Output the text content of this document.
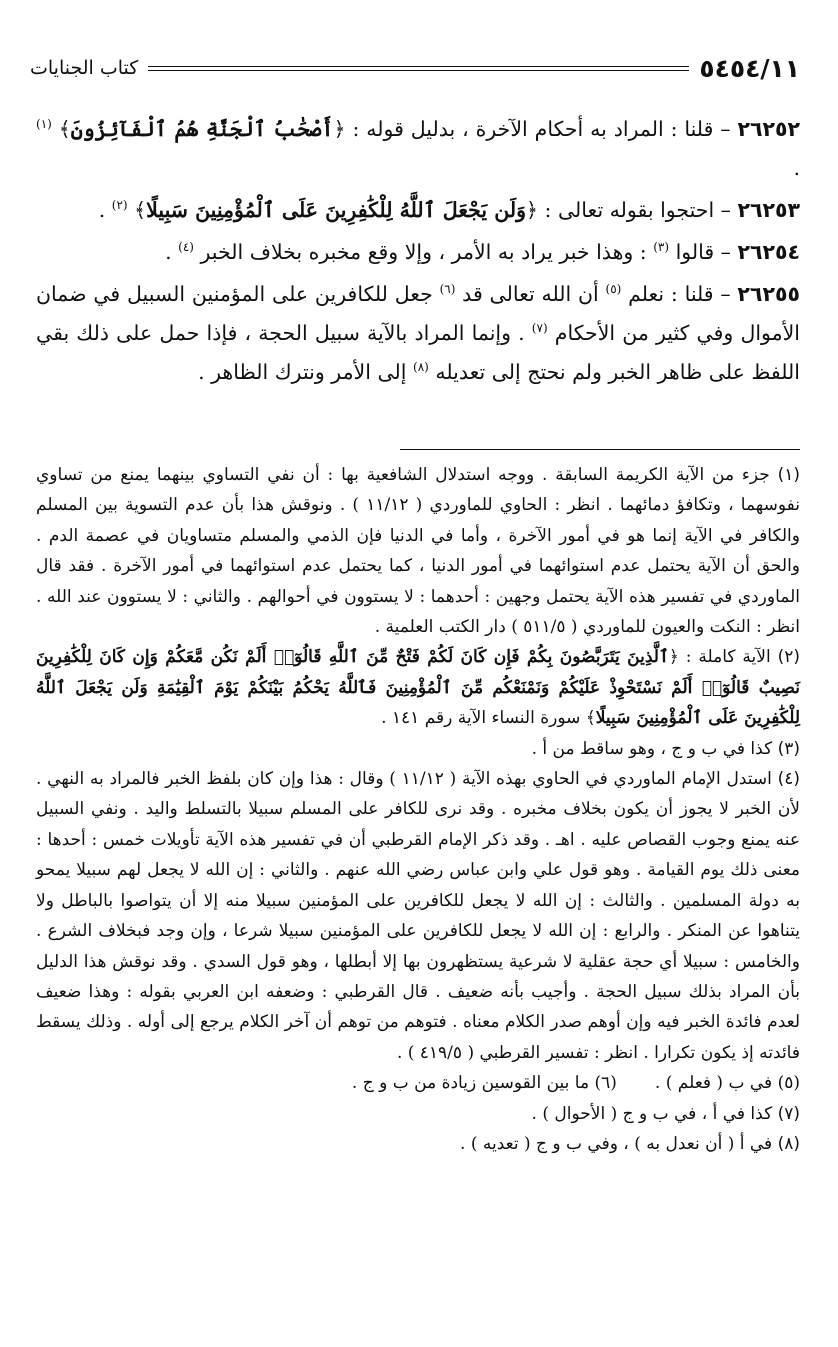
٥٤٥٤/١١
كتاب الجنايات

٢٦٢٥٢ – قلنا : المراد به أحكام الآخرة ، بدليل قوله : ﴿أَصْحَٰبُ ٱلْجَنَّةِ هُمُ ٱلْفَآئِزُونَ﴾ $^{(١)}$ .

٢٦٢٥٣ – احتجوا بقوله تعالى : ﴿وَلَن يَجْعَلَ ٱللَّهُ لِلْكَٰفِرِينَ عَلَى ٱلْمُؤْمِنِينَ سَبِيلًا﴾ $^{(٢)}$ .

٢٦٢٥٤ – قالوا $^{(٣)}$ : وهذا خبر يراد به الأمر ، وإلا وقع مخبره بخلاف الخبر $^{(٤)}$ .

٢٦٢٥٥ – قلنا : نعلم $^{(٥)}$ أن الله تعالى قد $^{(٦)}$ جعل للكافرين على المؤمنين السبيل في ضمان الأموال وفي كثير من الأحكام $^{(٧)}$ . وإنما المراد بالآية سبيل الحجة ، فإذا حمل على ذلك بقي اللفظ على ظاهر الخبر ولم نحتج إلى تعديله $^{(٨)}$ إلى الأمر ونترك الظاهر .

(١) جزء من الآية الكريمة السابقة . ووجه استدلال الشافعية بها : أن نفي التساوي بينهما يمنع من تساوي نفوسهما ، وتكافؤ دمائهما . انظر : الحاوي للماوردي ( ١١/١٢ ) . ونوقش هذا بأن عدم التسوية بين المسلم والكافر في الآية إنما هو في أمور الآخرة ، وأما في الدنيا فإن الذمي والمسلم متساويان في عصمة الدم . والحق أن الآية يحتمل عدم استوائهما في أمور الدنيا ، كما يحتمل عدم استوائهما في أمور الآخرة . فقد قال الماوردي في تفسير هذه الآية يحتمل وجهين : أحدهما : لا يستوون في أحوالهم . والثاني : لا يستوون عند الله . انظر : النكت والعيون للماوردي ( ٥١١/٥ ) دار الكتب العلمية .

(٢) الآية كاملة : ﴿ٱلَّذِينَ يَتَرَبَّصُونَ بِكُمْ فَإِن كَانَ لَكُمْ فَتْحٌ مِّنَ ٱللَّهِ قَالُوٓا۟ أَلَمْ نَكُن مَّعَكُمْ وَإِن كَانَ لِلْكَٰفِرِينَ نَصِيبٌ قَالُوٓا۟ أَلَمْ نَسْتَحْوِذْ عَلَيْكُمْ وَنَمْنَعْكُم مِّنَ ٱلْمُؤْمِنِينَ فَٱللَّهُ يَحْكُمُ بَيْنَكُمْ يَوْمَ ٱلْقِيَٰمَةِ وَلَن يَجْعَلَ ٱللَّهُ لِلْكَٰفِرِينَ عَلَى ٱلْمُؤْمِنِينَ سَبِيلًا﴾ سورة النساء الآية رقم ١٤١ .

(٣) كذا في ب و ج ، وهو ساقط من أ .

(٤) استدل الإمام الماوردي في الحاوي بهذه الآية ( ١١/١٢ ) وقال : هذا وإن كان بلفظ الخبر فالمراد به النهي . لأن الخبر لا يجوز أن يكون بخلاف مخبره . وقد نرى للكافر على المسلم سبيلا بالتسلط واليد . ونفي السبيل عنه يمنع وجوب القصاص عليه . اهـ . وقد ذكر الإمام القرطبي أن في تفسير هذه الآية تأويلات خمس : أحدها : معنى ذلك يوم القيامة . وهو قول علي وابن عباس رضي الله عنهم . والثاني : إن الله لا يجعل لهم سبيلا يمحو به دولة المسلمين . والثالث : إن الله لا يجعل للكافرين على المؤمنين سبيلا منه إلا أن يتواصوا بالباطل ولا يتناهوا عن المنكر . والرابع : إن الله لا يجعل للكافرين على المؤمنين سبيلا شرعا ، وإن وجد فبخلاف الشرع . والخامس : سبيلا أي حجة عقلية لا شرعية يستظهرون بها إلا أبطلها ، وهو قول السدي . وقد نوقش هذا الدليل بأن المراد بذلك سبيل الحجة . وأجيب بأنه ضعيف . قال القرطبي : وضعفه ابن العربي بقوله : وهذا ضعيف لعدم فائدة الخبر فيه وإن أوهم صدر الكلام معناه . فتوهم من توهم أن آخر الكلام يرجع إلى أوله . وذلك يسقط فائدته إذ يكون تكرارا . انظر : تفسير القرطبي ( ٤١٩/٥ ) .

(٥) في ب ( فعلم ) .
(٦) ما بين القوسين زيادة من ب و ج .

(٧) كذا في أ ، في ب و ج ( الأحوال ) .

(٨) في أ ( أن نعدل به ) ، وفي ب و ج ( تعديه ) .
